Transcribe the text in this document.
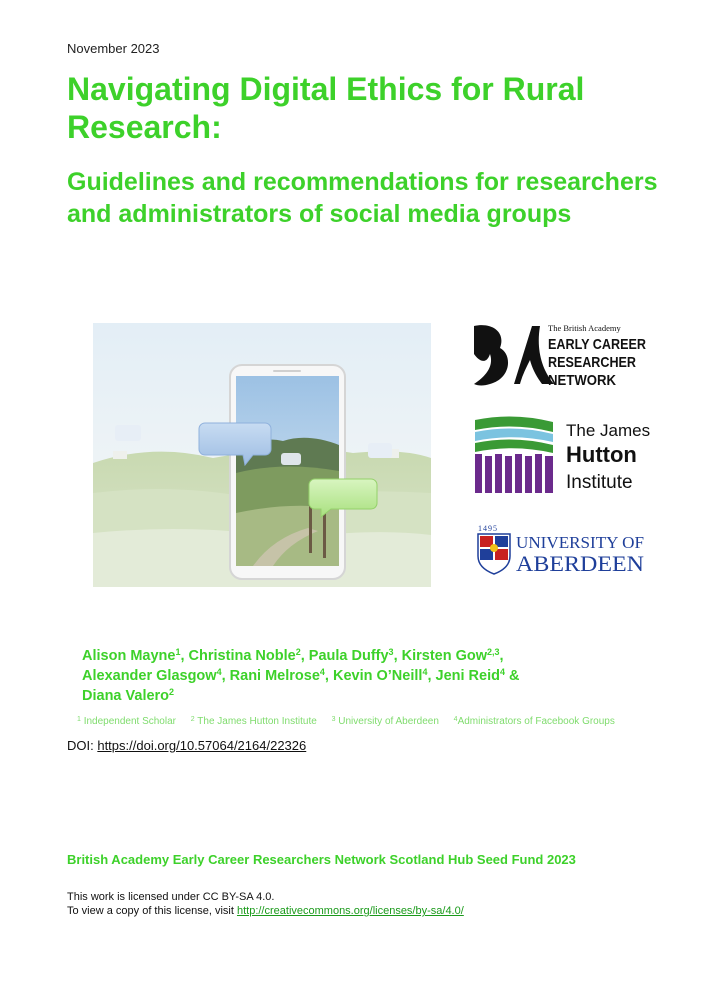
November 2023
Navigating Digital Ethics for Rural Research:
Guidelines and recommendations for researchers and administrators of social media groups
The British Academy
EARLY CAREER
RESEARCHER
NETWORK
The James
Hutton
Institute
1495
UNIVERSITY OF
ABERDEEN
Alison Mayne$^1$, Christina Noble$^2$, Paula Duffy$^3$, Kirsten Gow$^{2,3}$,
Alexander Glasgow$^4$, Rani Melrose$^4$, Kevin O’Neill$^4$, Jeni Reid$^4$ &
Diana Valero$^2$
$^1$ Independent Scholar $^2$ The James Hutton Institute $^3$ University of Aberdeen $^4$Administrators of Facebook Groups
DOI: https://doi.org/10.57064/2164/22326
British Academy Early Career Researchers Network Scotland Hub Seed Fund 2023
This work is licensed under CC BY-SA 4.0.
To view a copy of this license, visit http://creativecommons.org/licenses/by-sa/4.0/
